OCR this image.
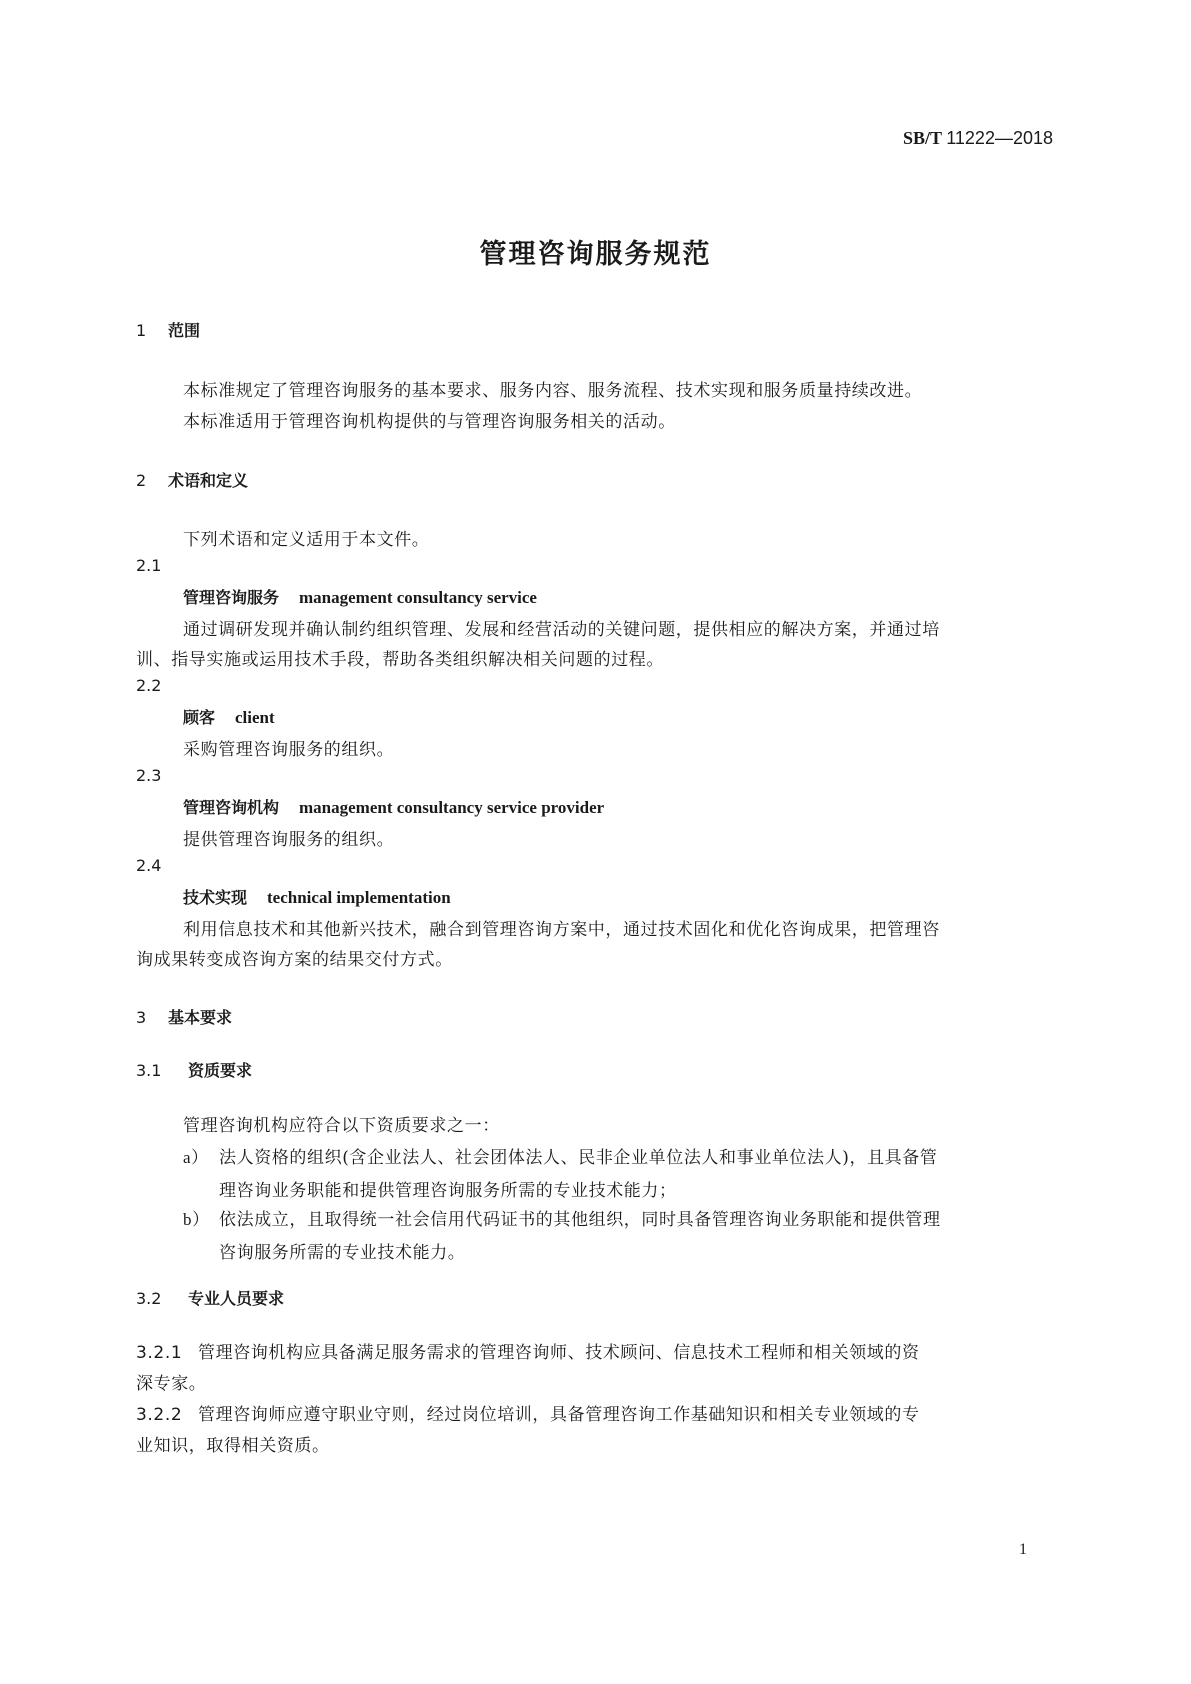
SB/T 11222—2018
管理咨询服务规范
1 范围
本标准规定了管理咨询服务的基本要求、服务内容、服务流程、技术实现和服务质量持续改进。
本标准适用于管理咨询机构提供的与管理咨询服务相关的活动。
2 术语和定义
下列术语和定义适用于本文件。
2.1
管理咨询服务 management consultancy service
通过调研发现并确认制约组织管理、发展和经营活动的关键问题，提供相应的解决方案，并通过培
训、指导实施或运用技术手段，帮助各类组织解决相关问题的过程。
2.2
顾客 client
采购管理咨询服务的组织。
2.3
管理咨询机构 management consultancy service provider
提供管理咨询服务的组织。
2.4
技术实现 technical implementation
利用信息技术和其他新兴技术，融合到管理咨询方案中，通过技术固化和优化咨询成果，把管理咨
询成果转变成咨询方案的结果交付方式。
3 基本要求
3.1 资质要求
管理咨询机构应符合以下资质要求之一：
a） 法人资格的组织(含企业法人、社会团体法人、民非企业单位法人和事业单位法人)，且具备管
理咨询业务职能和提供管理咨询服务所需的专业技术能力；
b） 依法成立，且取得统一社会信用代码证书的其他组织，同时具备管理咨询业务职能和提供管理
咨询服务所需的专业技术能力。
3.2 专业人员要求
3.2.1 管理咨询机构应具备满足服务需求的管理咨询师、技术顾问、信息技术工程师和相关领域的资
深专家。
3.2.2 管理咨询师应遵守职业守则，经过岗位培训，具备管理咨询工作基础知识和相关专业领域的专
业知识，取得相关资质。
1
